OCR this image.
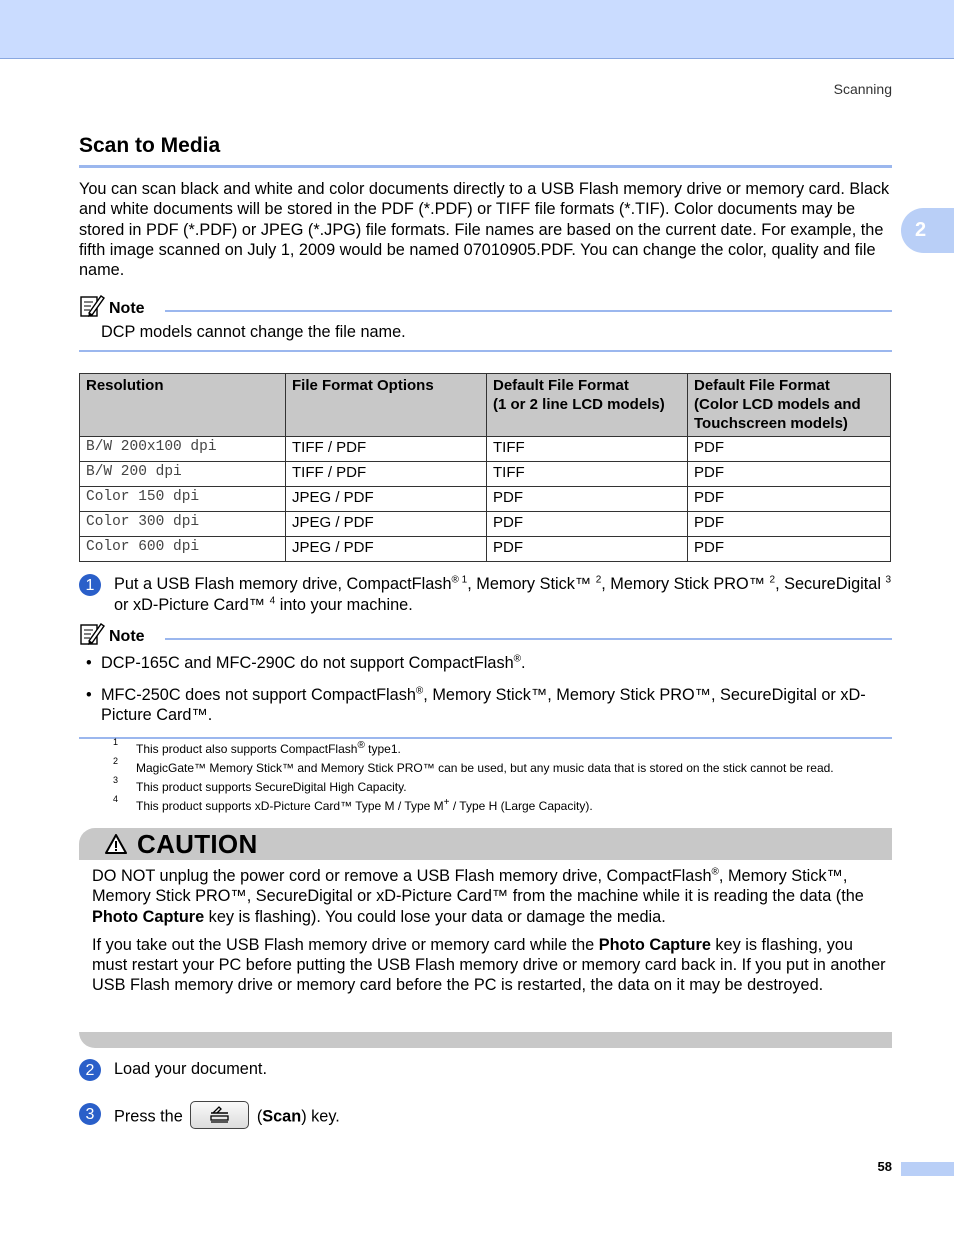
Scanning
2
Scan to Media

You can scan black and white and color documents directly to a USB Flash memory drive or memory card. Black and white documents will be stored in the PDF (*.PDF) or TIFF file formats (*.TIF). Color documents may be stored in PDF (*.PDF) or JPEG (*.JPG) file formats. File names are based on the current date. For example, the fifth image scanned on July 1, 2009 would be named 07010905.PDF. You can change the color, quality and file name.

Note
DCP models cannot change the file name.
Resolution	File Format Options	Default File Format
(1 or 2 line LCD models)	Default File Format
(Color LCD models and Touchscreen models)
B/W 200x100 dpi	TIFF / PDF	TIFF	PDF
B/W 200 dpi	TIFF / PDF	TIFF	PDF
Color 150 dpi	JPEG / PDF	PDF	PDF
Color 300 dpi	JPEG / PDF	PDF	PDF
Color 600 dpi	JPEG / PDF	PDF	PDF
1	Put a USB Flash memory drive, CompactFlash® $^1$, Memory Stick™ $^2$, Memory Stick PRO™ $^2$, SecureDigital $^3$ or xD-Picture Card™ $^4$ into your machine.
Note
• DCP-165C and MFC-290C do not support CompactFlash®.
• MFC-250C does not support CompactFlash®, Memory Stick™, Memory Stick PRO™, SecureDigital or xD-Picture Card™.
1 This product also supports CompactFlash® type1.
2 MagicGate™ Memory Stick™ and Memory Stick PRO™ can be used, but any music data that is stored on the stick cannot be read.
3 This product supports SecureDigital High Capacity.
4 This product supports xD-Picture Card™ Type M / Type M+ / Type H (Large Capacity).
CAUTION

DO NOT unplug the power cord or remove a USB Flash memory drive, CompactFlash®, Memory Stick™, Memory Stick PRO™, SecureDigital or xD-Picture Card™ from the machine while it is reading the data (the Photo Capture key is flashing). You could lose your data or damage the media.

If you take out the USB Flash memory drive or memory card while the Photo Capture key is flashing, you must restart your PC before putting the USB Flash memory drive or memory card back in. If you put in another USB Flash memory drive or memory card before the PC is restarted, the data on it may be destroyed.

2	Load your document.
3	Press the	(Scan) key.
58
